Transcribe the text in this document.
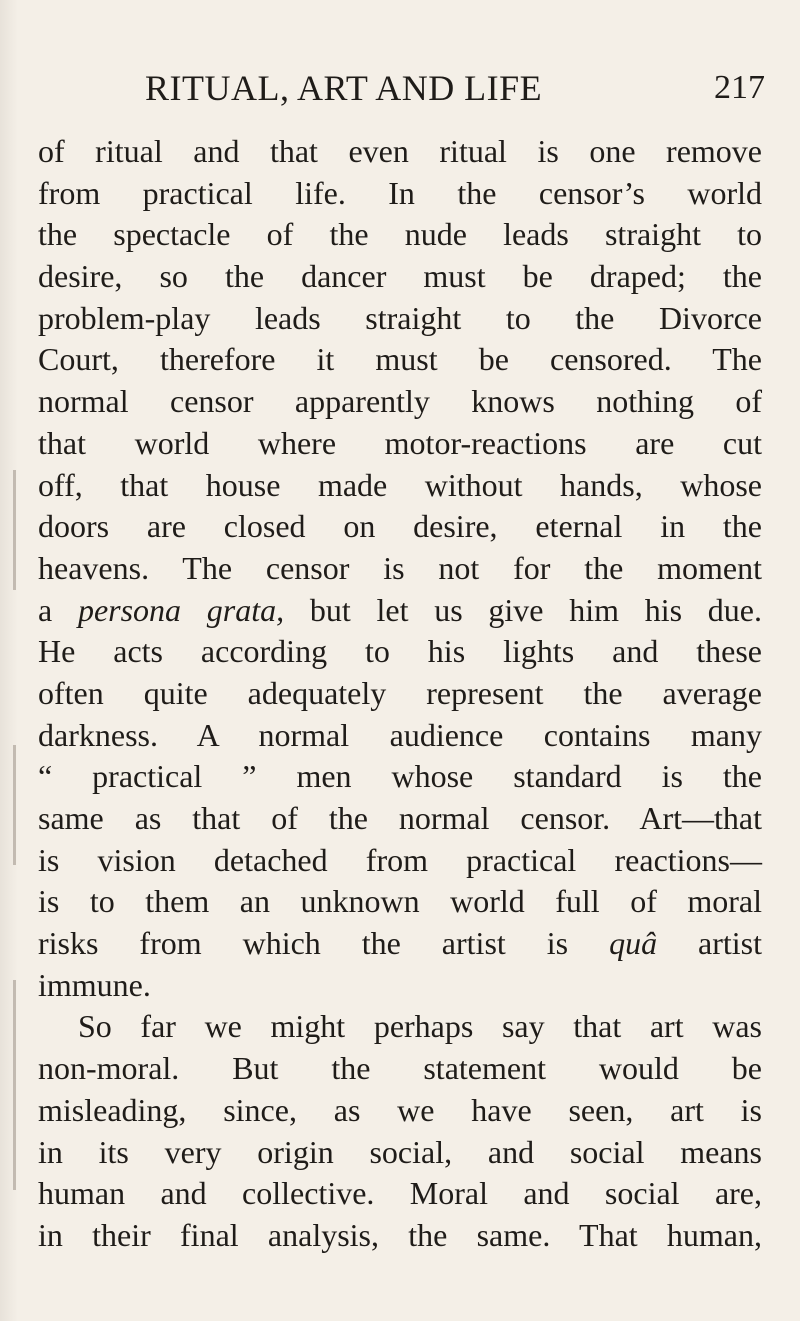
RITUAL, ART AND LIFE	217
of ritual and that even ritual is one remove
from practical life. In the censor’s world
the spectacle of the nude leads straight to
desire, so the dancer must be draped; the
problem-play leads straight to the Divorce
Court, therefore it must be censored. The
normal censor apparently knows nothing of
that world where motor-reactions are cut
off, that house made without hands, whose
doors are closed on desire, eternal in the
heavens. The censor is not for the moment
a persona grata, but let us give him his due.
He acts according to his lights and these
often quite adequately represent the average
darkness. A normal audience contains many
“ practical ” men whose standard is the
same as that of the normal censor. Art—that
is vision detached from practical reactions—
is to them an unknown world full of moral
risks from which the artist is quâ artist
immune.
So far we might perhaps say that art was
non-moral. But the statement would be
misleading, since, as we have seen, art is
in its very origin social, and social means
human and collective. Moral and social are,
in their final analysis, the same. That human,
